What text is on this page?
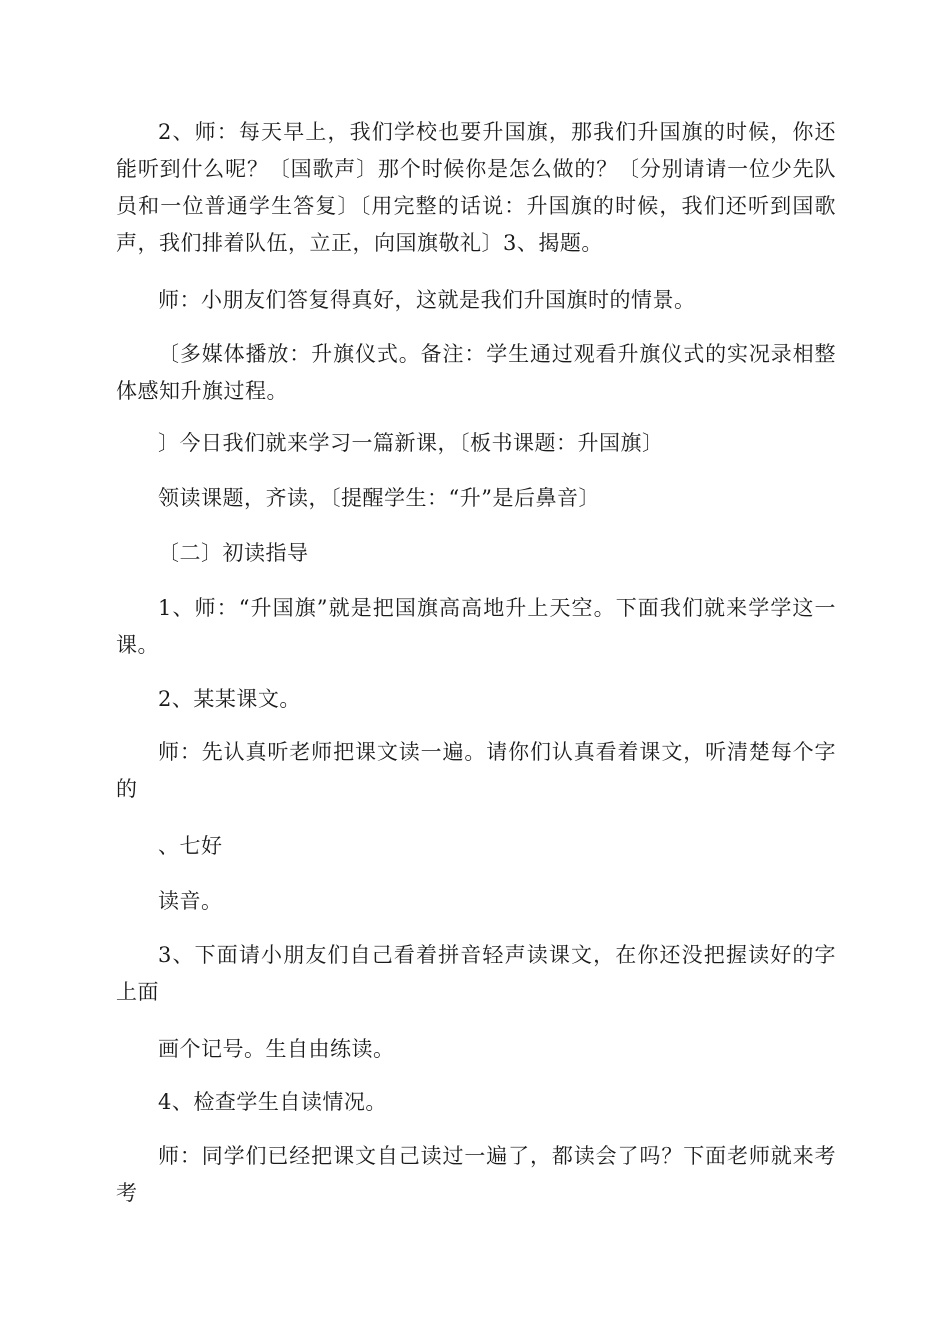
2、师：每天早上，我们学校也要升国旗，那我们升国旗的时候，你还能听到什么呢？〔国歌声〕那个时候你是怎么做的？〔分别请请一位少先队员和一位普通学生答复〕〔用完整的话说：升国旗的时候，我们还听到国歌声，我们排着队伍，立正，向国旗敬礼〕3、揭题。

师：小朋友们答复得真好，这就是我们升国旗时的情景。

〔多媒体播放：升旗仪式。备注：学生通过观看升旗仪式的实况录相整体感知升旗过程。

〕今日我们就来学习一篇新课，〔板书课题：升国旗〕

领读课题，齐读，〔提醒学生：“升”是后鼻音〕

〔二〕初读指导

1、师：“升国旗”就是把国旗高高地升上天空。下面我们就来学学这一课。

2、某某课文。

师：先认真听老师把课文读一遍。请你们认真看着课文，听清楚每个字的

、七好

读音。

3、下面请小朋友们自己看着拼音轻声读课文，在你还没把握读好的字上面

画个记号。生自由练读。

4、检查学生自读情况。

师：同学们已经把课文自己读过一遍了，都读会了吗？下面老师就来考考
